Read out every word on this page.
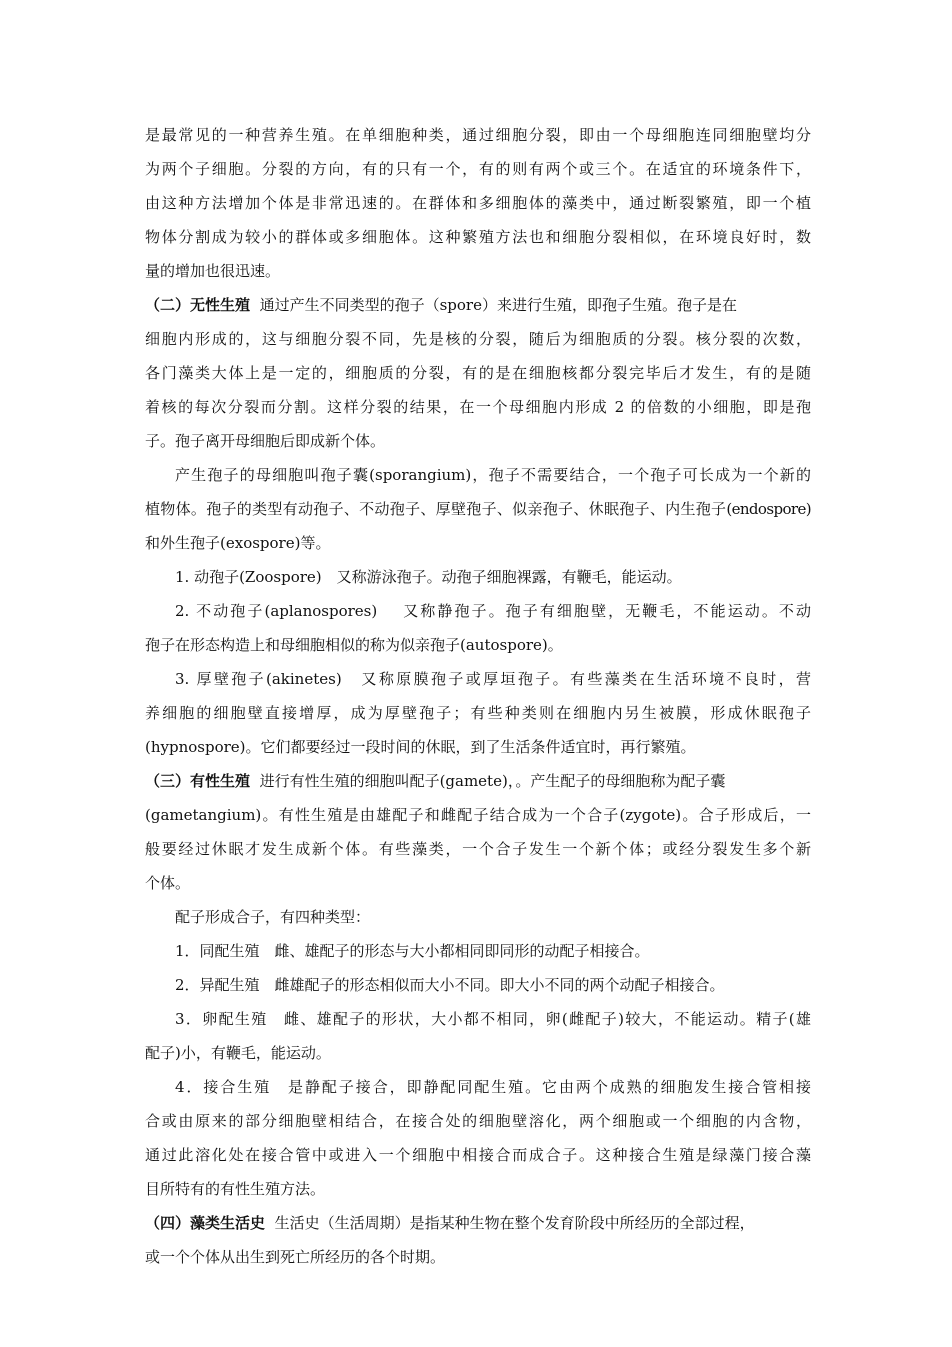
是最常见的一种营养生殖。在单细胞种类，通过细胞分裂，即由一个母细胞连同细胞壁均分
为两个子细胞。分裂的方向，有的只有一个，有的则有两个或三个。在适宜的环境条件下，
由这种方法增加个体是非常迅速的。在群体和多细胞体的藻类中，通过断裂繁殖，即一个植
物体分割成为较小的群体或多细胞体。这种繁殖方法也和细胞分裂相似，在环境良好时，数
量的增加也很迅速。
（二）无性生殖 通过产生不同类型的孢子（spore）来进行生殖，即孢子生殖。孢子是在
细胞内形成的，这与细胞分裂不同，先是核的分裂，随后为细胞质的分裂。核分裂的次数，
各门藻类大体上是一定的，细胞质的分裂，有的是在细胞核都分裂完毕后才发生，有的是随
着核的每次分裂而分割。这样分裂的结果，在一个母细胞内形成 2 的倍数的小细胞，即是孢
子。孢子离开母细胞后即成新个体。
产生孢子的母细胞叫孢子囊(sporangium)，孢子不需要结合，一个孢子可长成为一个新的
植物体。孢子的类型有动孢子、不动孢子、厚壁孢子、似亲孢子、休眠孢子、内生孢子(endospore)
和外生孢子(exospore)等。
1. 动孢子(Zoospore)　又称游泳孢子。动孢子细胞裸露，有鞭毛，能运动。
2. 不动孢子(aplanospores)　 又称静孢子。孢子有细胞壁，无鞭毛，不能运动。不动
孢子在形态构造上和母细胞相似的称为似亲孢子(autospore)。
3. 厚壁孢子(akinetes)　又称原膜孢子或厚垣孢子。有些藻类在生活环境不良时，营
养细胞的细胞壁直接增厚，成为厚壁孢子；有些种类则在细胞内另生被膜，形成休眠孢子
(hypnospore)。它们都要经过一段时间的休眠，到了生活条件适宜时，再行繁殖。
（三）有性生殖 进行有性生殖的细胞叫配子(gamete)，。产生配子的母细胞称为配子囊
(gametangium)。有性生殖是由雄配子和雌配子结合成为一个合子(zygote)。合子形成后，一
般要经过休眠才发生成新个体。有些藻类，一个合子发生一个新个体；或经分裂发生多个新
个体。
配子形成合子，有四种类型：
1．同配生殖　雌、雄配子的形态与大小都相同即同形的动配子相接合。
2．异配生殖　雌雄配子的形态相似而大小不同。即大小不同的两个动配子相接合。
3．卵配生殖　雌、雄配子的形状，大小都不相同，卵(雌配子)较大，不能运动。精子(雄
配子)小，有鞭毛，能运动。
4．接合生殖　是静配子接合，即静配同配生殖。它由两个成熟的细胞发生接合管相接
合或由原来的部分细胞壁相结合，在接合处的细胞壁溶化，两个细胞或一个细胞的内含物，
通过此溶化处在接合管中或进入一个细胞中相接合而成合子。这种接合生殖是绿藻门接合藻
目所特有的有性生殖方法。
（四）藻类生活史 生活史（生活周期）是指某种生物在整个发育阶段中所经历的全部过程，
或一个个体从出生到死亡所经历的各个时期。
